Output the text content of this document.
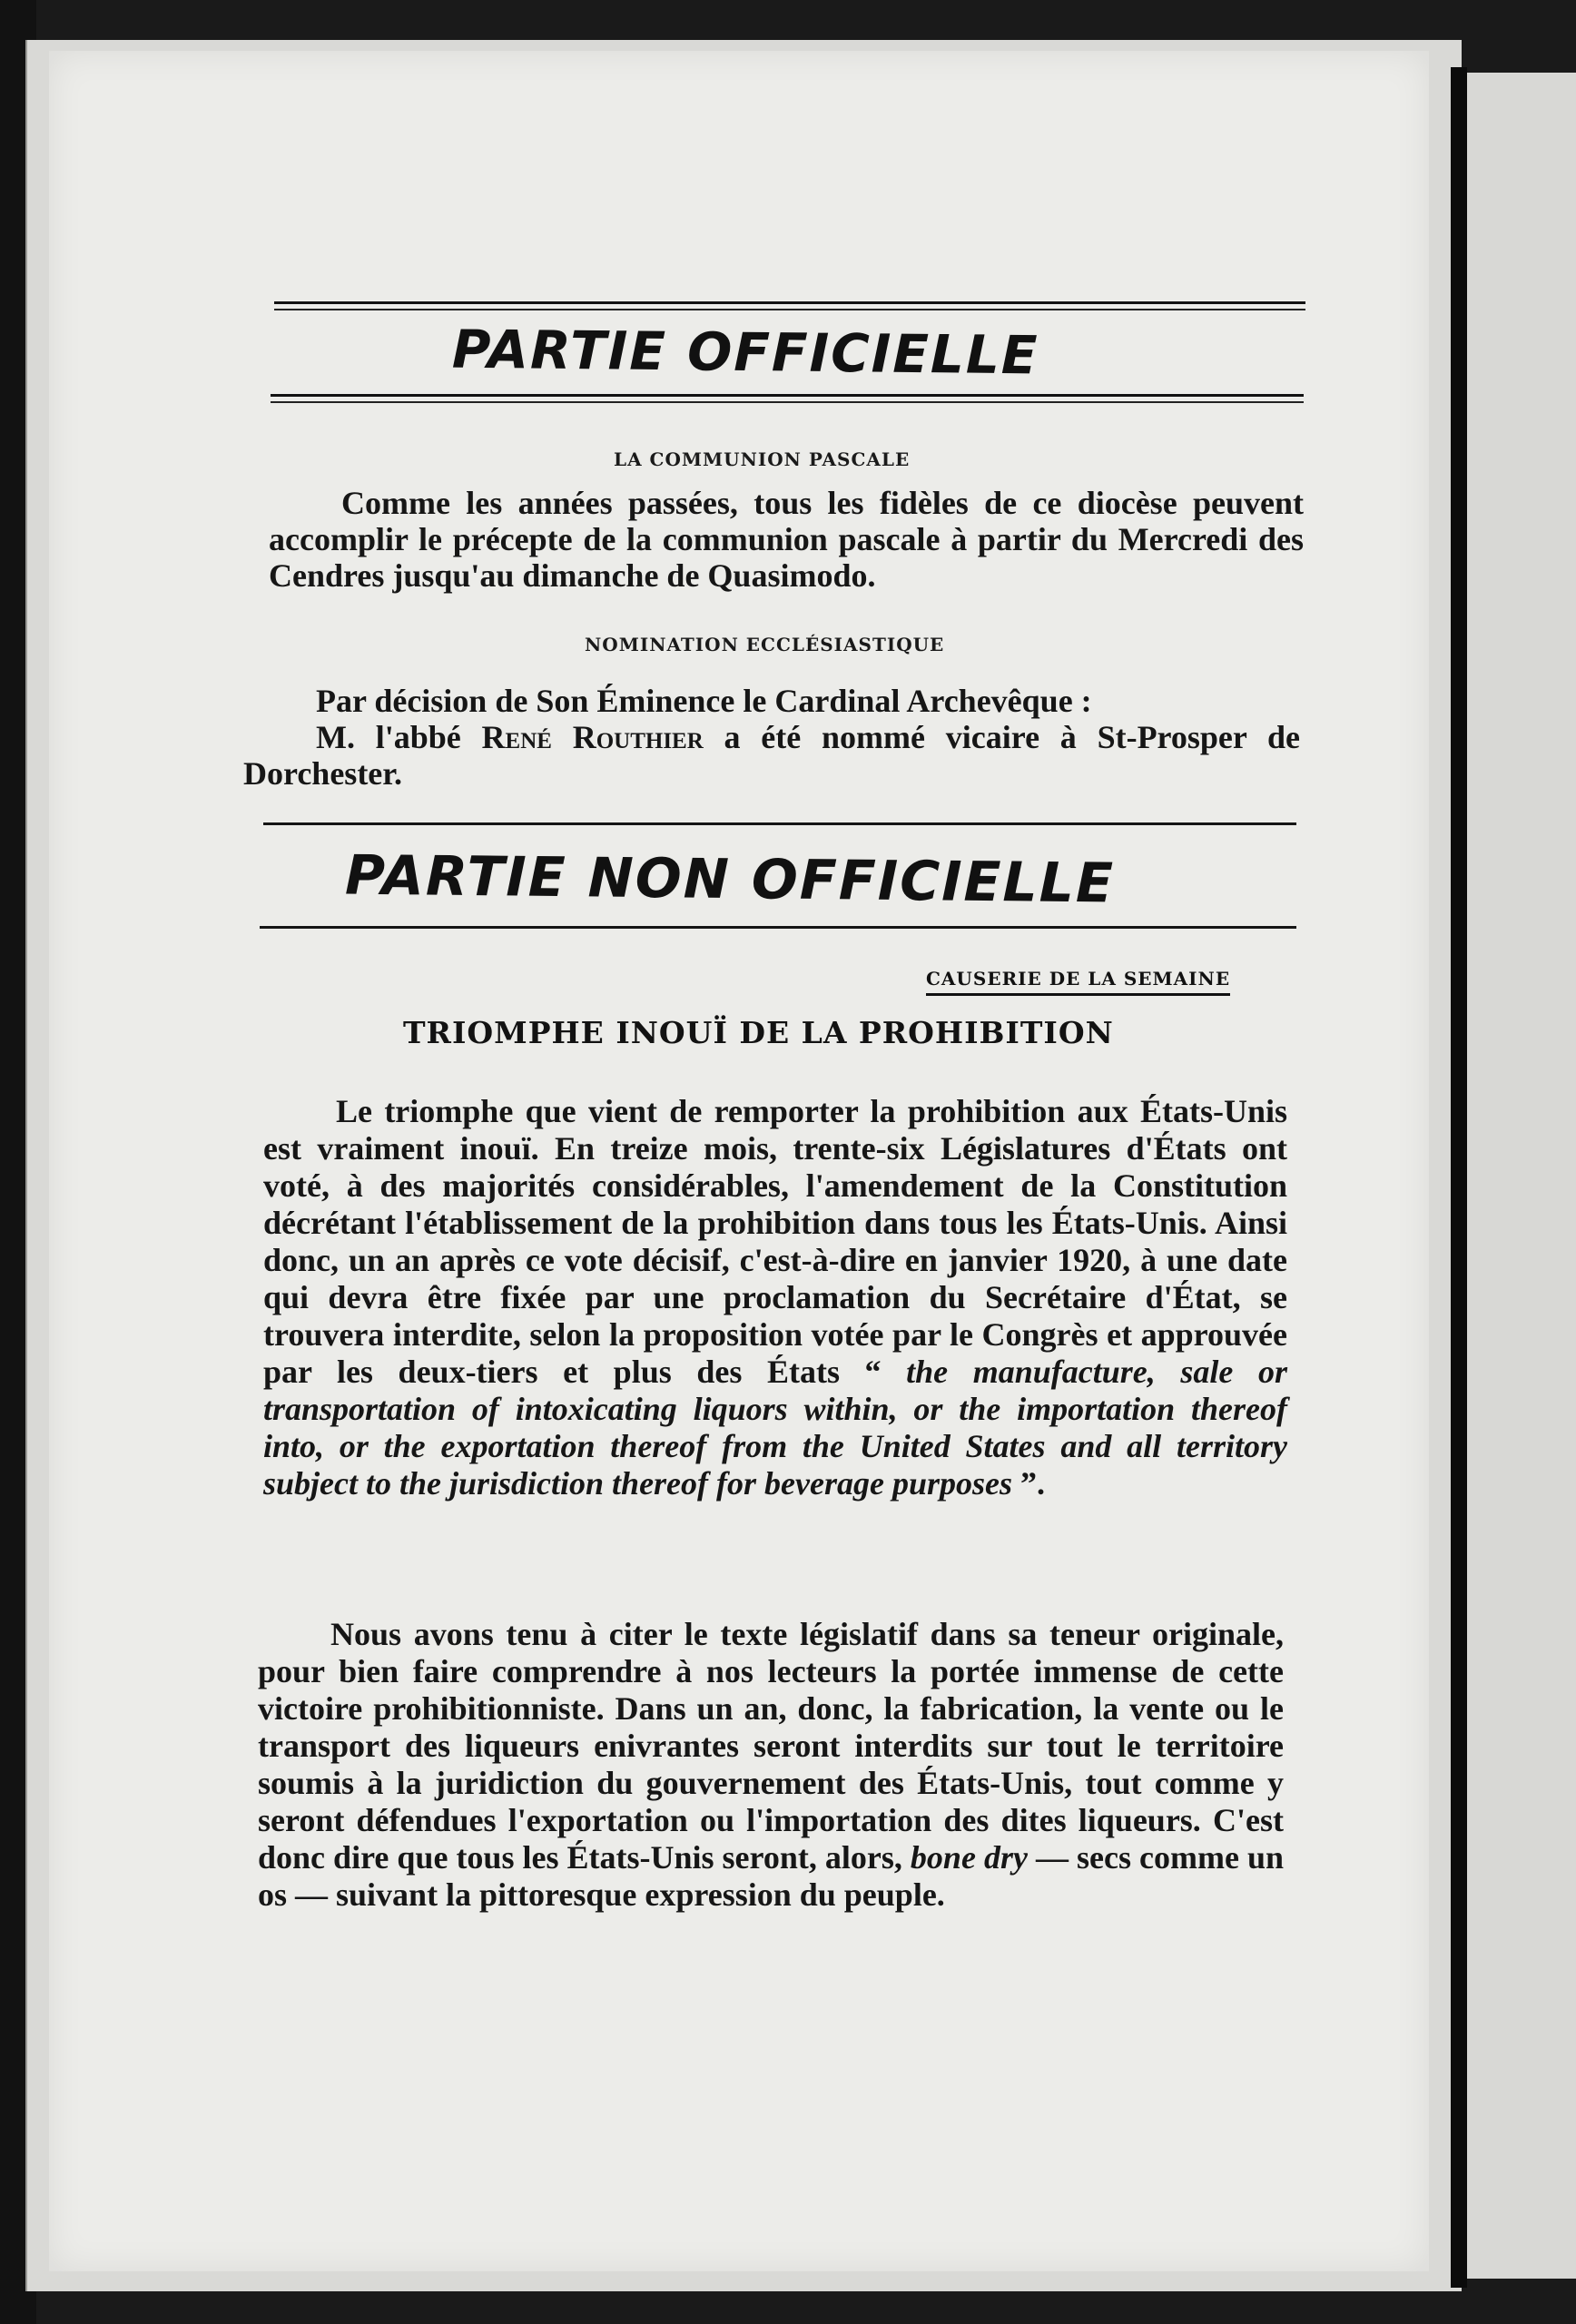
PARTIE OFFICIELLE
LA COMMUNION PASCALE

Comme les années passées, tous les fidèles de ce diocèse peuvent accomplir le précepte de la communion pascale à partir du Mercredi des Cendres jusqu'au dimanche de Quasimodo.

NOMINATION ECCLÉSIASTIQUE

Par décision de Son Éminence le Cardinal Archevêque :
M. l'abbé René Routhier a été nommé vicaire à St-Prosper de Dorchester.

PARTIE NON OFFICIELLE
CAUSERIE DE LA SEMAINE
TRIOMPHE INOUÏ DE LA PROHIBITION

Le triomphe que vient de remporter la prohibition aux États-Unis est vraiment inouï. En treize mois, trente-six Législatures d'États ont voté, à des majorités considérables, l'amendement de la Constitution décrétant l'établissement de la prohibition dans tous les États-Unis. Ainsi donc, un an après ce vote décisif, c'est-à-dire en janvier 1920, à une date qui devra être fixée par une proclamation du Secrétaire d'État, se trouvera interdite, selon la proposition votée par le Congrès et approuvée par les deux-tiers et plus des États “ the manufacture, sale or transportation of intoxicating liquors within, or the importation thereof into, or the exportation thereof from the United States and all territory subject to the jurisdiction thereof for beverage purposes ”.

Nous avons tenu à citer le texte législatif dans sa teneur originale, pour bien faire comprendre à nos lecteurs la portée immense de cette victoire prohibitionniste. Dans un an, donc, la fabrication, la vente ou le transport des liqueurs enivrantes seront interdits sur tout le territoire soumis à la juridiction du gouvernement des États-Unis, tout comme y seront défendues l'exportation ou l'importation des dites liqueurs. C'est donc dire que tous les États-Unis seront, alors, bone dry — secs comme un os — suivant la pittoresque expression du peuple.
